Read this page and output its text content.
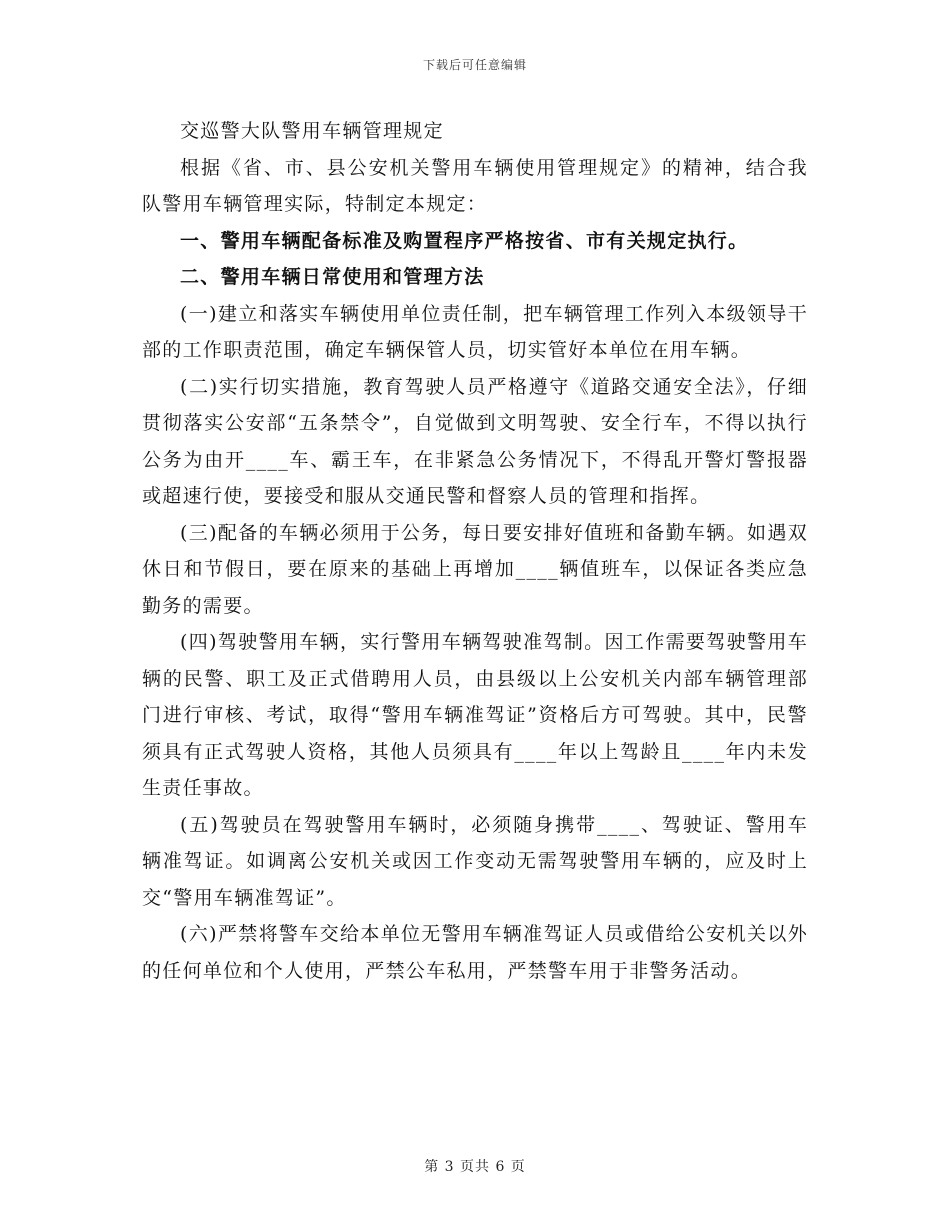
下载后可任意编辑

交巡警大队警用车辆管理规定

根据《省、市、县公安机关警用车辆使用管理规定》的精神，结合我队警用车辆管理实际，特制定本规定：

一、警用车辆配备标准及购置程序严格按省、市有关规定执行。

二、警用车辆日常使用和管理方法

(一)建立和落实车辆使用单位责任制，把车辆管理工作列入本级领导干部的工作职责范围，确定车辆保管人员，切实管好本单位在用车辆。

(二)实行切实措施，教育驾驶人员严格遵守《道路交通安全法》，仔细贯彻落实公安部“五条禁令”，自觉做到文明驾驶、安全行车，不得以执行公务为由开____车、霸王车，在非紧急公务情况下，不得乱开警灯警报器或超速行使，要接受和服从交通民警和督察人员的管理和指挥。

(三)配备的车辆必须用于公务，每日要安排好值班和备勤车辆。如遇双休日和节假日，要在原来的基础上再增加____辆值班车，以保证各类应急勤务的需要。

(四)驾驶警用车辆，实行警用车辆驾驶准驾制。因工作需要驾驶警用车辆的民警、职工及正式借聘用人员，由县级以上公安机关内部车辆管理部门进行审核、考试，取得“警用车辆准驾证”资格后方可驾驶。其中，民警须具有正式驾驶人资格，其他人员须具有____年以上驾龄且____年内未发生责任事故。

(五)驾驶员在驾驶警用车辆时，必须随身携带____、驾驶证、警用车辆准驾证。如调离公安机关或因工作变动无需驾驶警用车辆的，应及时上交“警用车辆准驾证”。

(六)严禁将警车交给本单位无警用车辆准驾证人员或借给公安机关以外的任何单位和个人使用，严禁公车私用，严禁警车用于非警务活动。

第 3 页共 6 页
